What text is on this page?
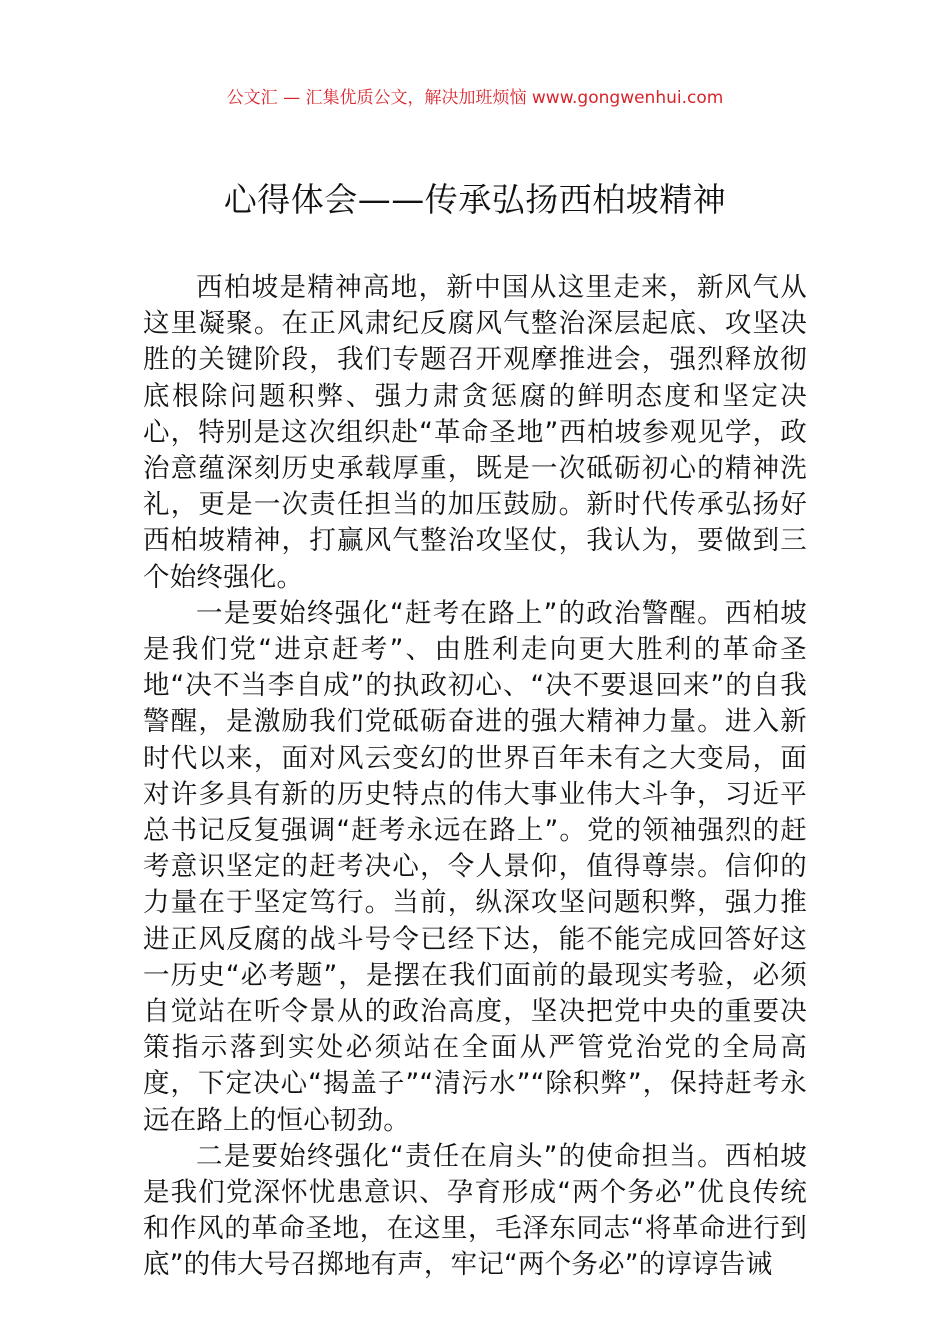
公文汇 — 汇集优质公文，解决加班烦恼 www.gongwenhui.com
心得体会——传承弘扬西柏坡精神

西柏坡是精神高地，新中国从这里走来，新风气从这里凝聚。在正风肃纪反腐风气整治深层起底、攻坚决胜的关键阶段，我们专题召开观摩推进会，强烈释放彻底根除问题积弊、强力肃贪惩腐的鲜明态度和坚定决心，特别是这次组织赴“革命圣地”西柏坡参观见学，政治意蕴深刻历史承载厚重，既是一次砥砺初心的精神洗礼，更是一次责任担当的加压鼓励。新时代传承弘扬好西柏坡精神，打赢风气整治攻坚仗，我认为，要做到三个始终强化。

一是要始终强化“赶考在路上”的政治警醒。西柏坡是我们党“进京赶考”、由胜利走向更大胜利的革命圣地“决不当李自成”的执政初心、“决不要退回来”的自我警醒，是激励我们党砥砺奋进的强大精神力量。进入新时代以来，面对风云变幻的世界百年未有之大变局，面对许多具有新的历史特点的伟大事业伟大斗争，习近平总书记反复强调“赶考永远在路上”。党的领袖强烈的赶考意识坚定的赶考决心，令人景仰，值得尊崇。信仰的力量在于坚定笃行。当前，纵深攻坚问题积弊，强力推进正风反腐的战斗号令已经下达，能不能完成回答好这一历史“必考题”，是摆在我们面前的最现实考验，必须自觉站在听令景从的政治高度，坚决把党中央的重要决策指示落到实处必须站在全面从严管党治党的全局高度，下定决心“揭盖子”“清污水”“除积弊”，保持赶考永远在路上的恒心韧劲。

二是要始终强化“责任在肩头”的使命担当。西柏坡是我们党深怀忧患意识、孕育形成“两个务必”优良传统和作风的革命圣地，在这里，毛泽东同志“将革命进行到底”的伟大号召掷地有声，牢记“两个务必”的谆谆告诫
